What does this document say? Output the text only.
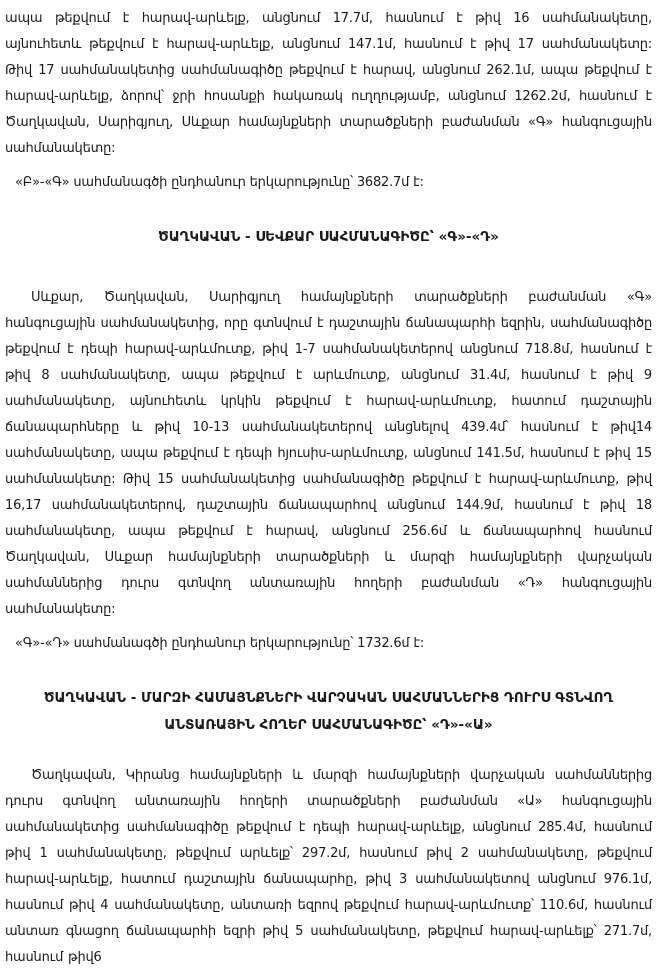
ապա թեքվում է հարավ-արևելք, անցնում 17.7մ, հասնում է թիվ 16 սահմանակետը, այնուհետև թեքվում է հարավ-արևելք, անցնում 147.1մ, հասնում է թիվ 17 սահմանակետը: Թիվ 17 սահմանակետից սահմանագիծը թեքվում է հարավ, անցնում 262.1մ, ապա թեքվում է հարավ-արևելք, ձորով՝ ջրի հոսանքի հակառակ ուղղությամբ, անցնում 1262.2մ, հասնում է Ծաղկավան, Սարիգյուղ, Սևքար համայնքների տարածքների բաժանման «Գ» հանգուցային սահմանակետը:

«Բ»-«Գ» սահմանագծի ընդհանուր երկարությունը՝ 3682.7մ է:

ԾԱՂԿԱՎԱՆ - ՍԵՎՔԱՐ ՍԱՀՄԱՆԱԳԻԾԸ՝ «Գ»-«Դ»

Սևքար, Ծաղկավան, Սարիգյուղ համայնքների տարածքների բաժանման «Գ» հանգուցային սահմանակետից, որը գտնվում է դաշտային ճանապարհի եզրին, սահմանագիծը թեքվում է դեպի հարավ-արևմուտք, թիվ 1-7 սահմանակետերով անցնում 718.8մ, հասնում է թիվ 8 սահմանակետը, ապա թեքվում է արևմուտք, անցնում 31.4մ, հասնում է թիվ 9 սահմանակետը, այնուհետև կրկին թեքվում է հարավ-արևմուտք, հատում դաշտային ճանապարհները և թիվ 10-13 սահմանակետերով անցնելով 439.4մ՝ հասնում է թիվ14 սահմանակետը, ապա թեքվում է դեպի հյուսիս-արևմուտք, անցնում 141.5մ, հասնում է թիվ 15 սահմանակետը: Թիվ 15 սահմանակետից սահմանագիծը թեքվում է հարավ-արևմուտք, թիվ 16,17 սահմանակետերով, դաշտային ճանապարհով անցնում 144.9մ, հասնում է թիվ 18 սահմանակետը, ապա թեքվում է հարավ, անցնում 256.6մ և ճանապարհով հասնում Ծաղկավան, Սևքար համայնքների տարածքների և մարզի համայնքների վարչական սահմաններից դուրս գտնվող անտառային հողերի բաժանման «Դ» հանգուցային սահմանակետը:

«Գ»-«Դ» սահմանագծի ընդհանուր երկարությունը՝ 1732.6մ է:

ԾԱՂԿԱՎԱՆ - ՄԱՐԶԻ ՀԱՄԱՅՆՔՆԵՐԻ ՎԱՐՉԱԿԱՆ ՍԱՀՄԱՆՆԵՐԻՑ ԴՈՒՐՍ ԳՏՆՎՈՂ
ԱՆՏԱՌԱՅԻՆ ՀՈՂԵՐ ՍԱՀՄԱՆԱԳԻԾԸ՝ «Դ»-«Ա»

Ծաղկավան, Կիրանց համայնքների և մարզի համայնքների վարչական սահմաններից դուրս գտնվող անտառային հողերի տարածքների բաժանման «Ա» հանգուցային սահմանակետից սահմանագիծը թեքվում է դեպի հարավ-արևելք, անցնում 285.4մ, հասնում թիվ 1 սահմանակետը, թեքվում արևելք՝ 297.2մ, հասնում թիվ 2 սահմանակետը, թեքվում հարավ-արևելք, հատում դաշտային ճանապարհը, թիվ 3 սահմանակետով անցնում 976.1մ, հասնում թիվ 4 սահմանակետը, անտառի եզրով թեքվում հարավ-արևմուտք՝ 110.6մ, հասնում անտառ գնացող ճանապարհի եզրի թիվ 5 սահմանակետը, թեքվում հարավ-արևելք՝ 271.7մ, հասնում թիվ6
